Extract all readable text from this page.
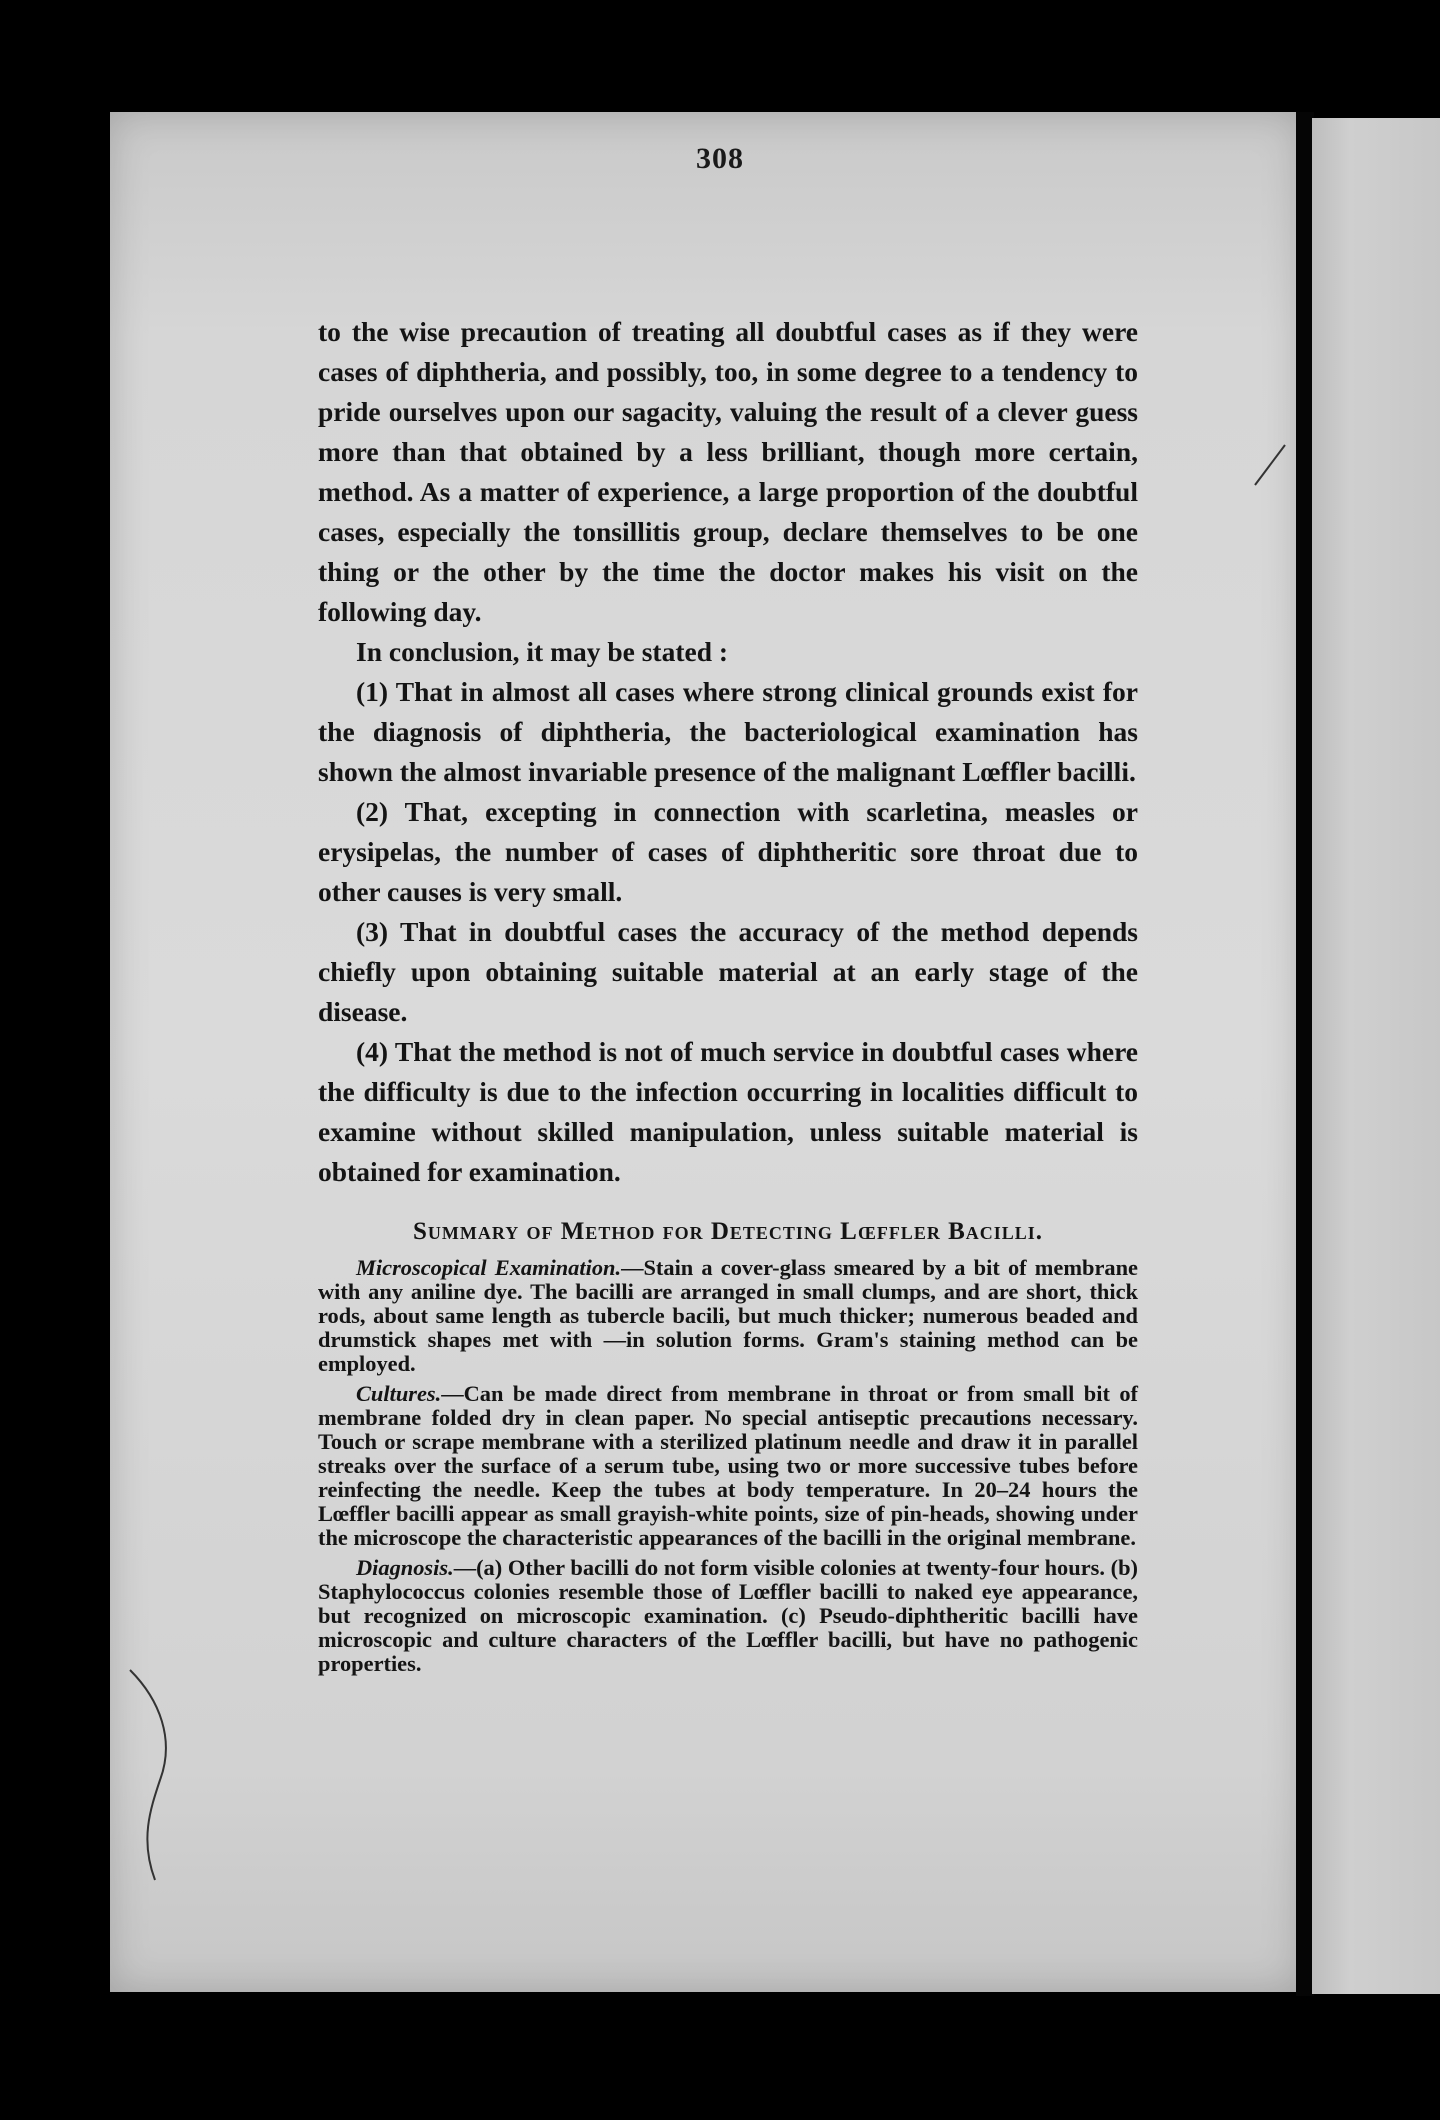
308

to the wise precaution of treating all doubtful cases as if they were cases of diphtheria, and possibly, too, in some degree to a tendency to pride ourselves upon our sagacity, valuing the result of a clever guess more than that obtained by a less brilliant, though more certain, method. As a matter of experience, a large proportion of the doubtful cases, especially the tonsillitis group, declare themselves to be one thing or the other by the time the doctor makes his visit on the following day.

In conclusion, it may be stated :

(1) That in almost all cases where strong clinical grounds exist for the diagnosis of diphtheria, the bacteriological examination has shown the almost invariable presence of the malignant Lœffler bacilli.

(2) That, excepting in connection with scarletina, measles or erysipelas, the number of cases of diphtheritic sore throat due to other causes is very small.

(3) That in doubtful cases the accuracy of the method depends chiefly upon obtaining suitable material at an early stage of the disease.

(4) That the method is not of much service in doubtful cases where the difficulty is due to the infection occurring in localities difficult to examine without skilled manipulation, unless suitable material is obtained for examination.

Summary of Method for Detecting Lœffler Bacilli.

Microscopical Examination.—Stain a cover-glass smeared by a bit of membrane with any aniline dye. The bacilli are arranged in small clumps, and are short, thick rods, about same length as tubercle bacili, but much thicker; numerous beaded and drumstick shapes met with —in solution forms. Gram's staining method can be employed.

Cultures.—Can be made direct from membrane in throat or from small bit of membrane folded dry in clean paper. No special antiseptic precautions necessary. Touch or scrape membrane with a sterilized platinum needle and draw it in parallel streaks over the surface of a serum tube, using two or more successive tubes before reinfecting the needle. Keep the tubes at body temperature. In 20–24 hours the Lœffler bacilli appear as small grayish-white points, size of pin-heads, showing under the microscope the characteristic appearances of the bacilli in the original membrane.

Diagnosis.—(a) Other bacilli do not form visible colonies at twenty-four hours. (b) Staphylococcus colonies resemble those of Lœffler bacilli to naked eye appearance, but recognized on microscopic examination. (c) Pseudo-diphtheritic bacilli have microscopic and culture characters of the Lœffler bacilli, but have no pathogenic properties.
